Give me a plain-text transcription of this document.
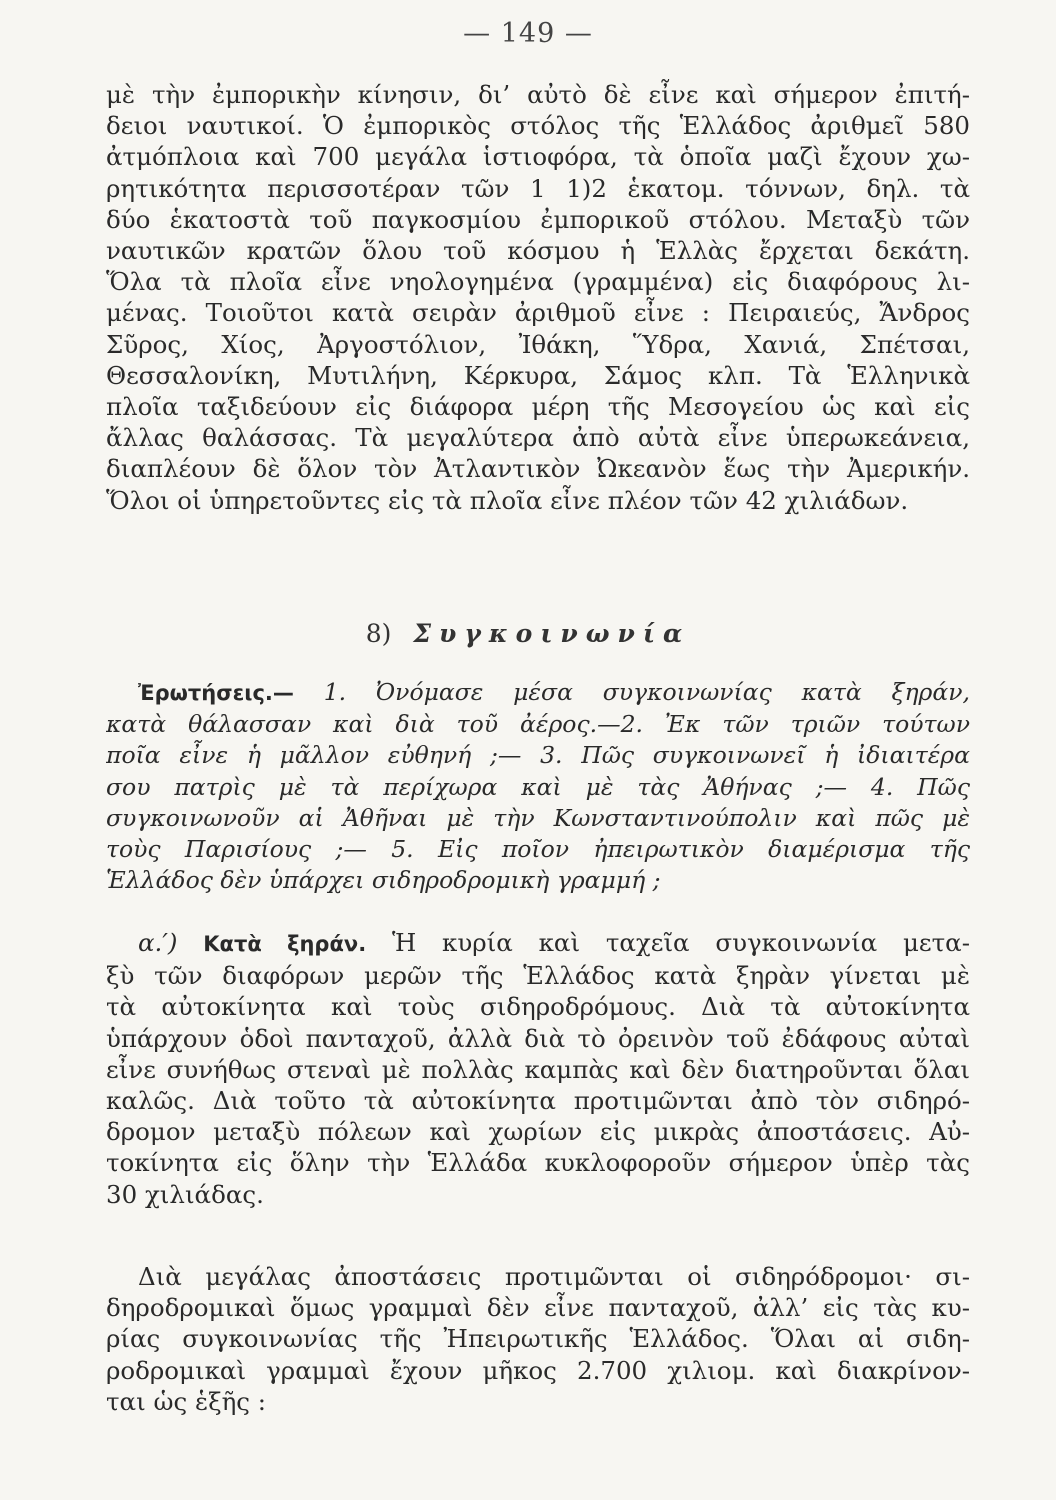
— 149 —
μὲ τὴν ἐμπορικὴν κίνησιν, δι’ αὐτὸ δὲ εἶνε καὶ σήμερον ἐπιτή-
δειοι ναυτικοί. Ὁ ἐμπορικὸς στόλος τῆς Ἑλλάδος ἀριθμεῖ 580
ἀτμόπλοια καὶ 700 μεγάλα ἱστιοφόρα, τὰ ὁποῖα μαζὶ ἔχουν χω-
ρητικότητα περισσοτέραν τῶν 1 1)2 ἑκατομ. τόννων, δηλ. τὰ
δύο ἑκατοστὰ τοῦ παγκοσμίου ἐμπορικοῦ στόλου. Μεταξὺ τῶν
ναυτικῶν κρατῶν ὅλου τοῦ κόσμου ἡ Ἑλλὰς ἔρχεται δεκάτη.
Ὅλα τὰ πλοῖα εἶνε νηολογημένα (γραμμένα) εἰς διαφόρους λι-
μένας. Τοιοῦτοι κατὰ σειρὰν ἀριθμοῦ εἶνε : Πειραιεύς, Ἄνδρος
Σῦρος, Χίος, Ἀργοστόλιον, Ἰθάκη, Ὕδρα, Χανιά, Σπέτσαι,
Θεσσαλονίκη, Μυτιλήνη, Κέρκυρα, Σάμος κλπ. Τὰ Ἑλληνικὰ
πλοῖα ταξιδεύουν εἰς διάφορα μέρη τῆς Μεσογείου ὡς καὶ εἰς
ἄλλας θαλάσσας. Τὰ μεγαλύτερα ἀπὸ αὐτὰ εἶνε ὑπερωκεάνεια,
διαπλέουν δὲ ὅλον τὸν Ἀτλαντικὸν Ὠκεανὸν ἕως τὴν Ἀμερικήν.
Ὅλοι οἱ ὑπηρετοῦντες εἰς τὰ πλοῖα εἶνε πλέον τῶν 42 χιλιάδων.
8) Συγκοινωνία
Ἐρωτήσεις.— 1. Ὀνόμασε μέσα συγκοινωνίας κατὰ ξηράν,
κατὰ θάλασσαν καὶ διὰ τοῦ ἀέρος.—2. Ἐκ τῶν τριῶν τούτων
ποῖα εἶνε ἡ μᾶλλον εὐθηνή ;— 3. Πῶς συγκοινωνεῖ ἡ ἰδιαιτέρα
σου πατρὶς μὲ τὰ περίχωρα καὶ μὲ τὰς Ἀθήνας ;— 4. Πῶς
συγκοινωνοῦν αἱ Ἀθῆναι μὲ τὴν Κωνσταντινούπολιν καὶ πῶς μὲ
τοὺς Παρισίους ;— 5. Εἰς ποῖον ἠπειρωτικὸν διαμέρισμα τῆς
Ἑλλάδος δὲν ὑπάρχει σιδηροδρομικὴ γραμμή ;
α.′) Κατὰ ξηράν. Ἡ κυρία καὶ ταχεῖα συγκοινωνία μετα-
ξὺ τῶν διαφόρων μερῶν τῆς Ἑλλάδος κατὰ ξηρὰν γίνεται μὲ
τὰ αὐτοκίνητα καὶ τοὺς σιδηροδρόμους. Διὰ τὰ αὐτοκίνητα
ὑπάρχουν ὁδοὶ πανταχοῦ, ἀλλὰ διὰ τὸ ὀρεινὸν τοῦ ἐδάφους αὐταὶ
εἶνε συνήθως στεναὶ μὲ πολλὰς καμπὰς καὶ δὲν διατηροῦνται ὅλαι
καλῶς. Διὰ τοῦτο τὰ αὐτοκίνητα προτιμῶνται ἀπὸ τὸν σιδηρό-
δρομον μεταξὺ πόλεων καὶ χωρίων εἰς μικρὰς ἀποστάσεις. Αὐ-
τοκίνητα εἰς ὅλην τὴν Ἑλλάδα κυκλοφοροῦν σήμερον ὑπὲρ τὰς
30 χιλιάδας.
Διὰ μεγάλας ἀποστάσεις προτιμῶνται οἱ σιδηρόδρομοι· σι-
δηροδρομικαὶ ὅμως γραμμαὶ δὲν εἶνε πανταχοῦ, ἀλλ’ εἰς τὰς κυ-
ρίας συγκοινωνίας τῆς Ἠπειρωτικῆς Ἑλλάδος. Ὅλαι αἱ σιδη-
ροδρομικαὶ γραμμαὶ ἔχουν μῆκος 2.700 χιλιομ. καὶ διακρίνον-
ται ὡς ἑξῆς :
